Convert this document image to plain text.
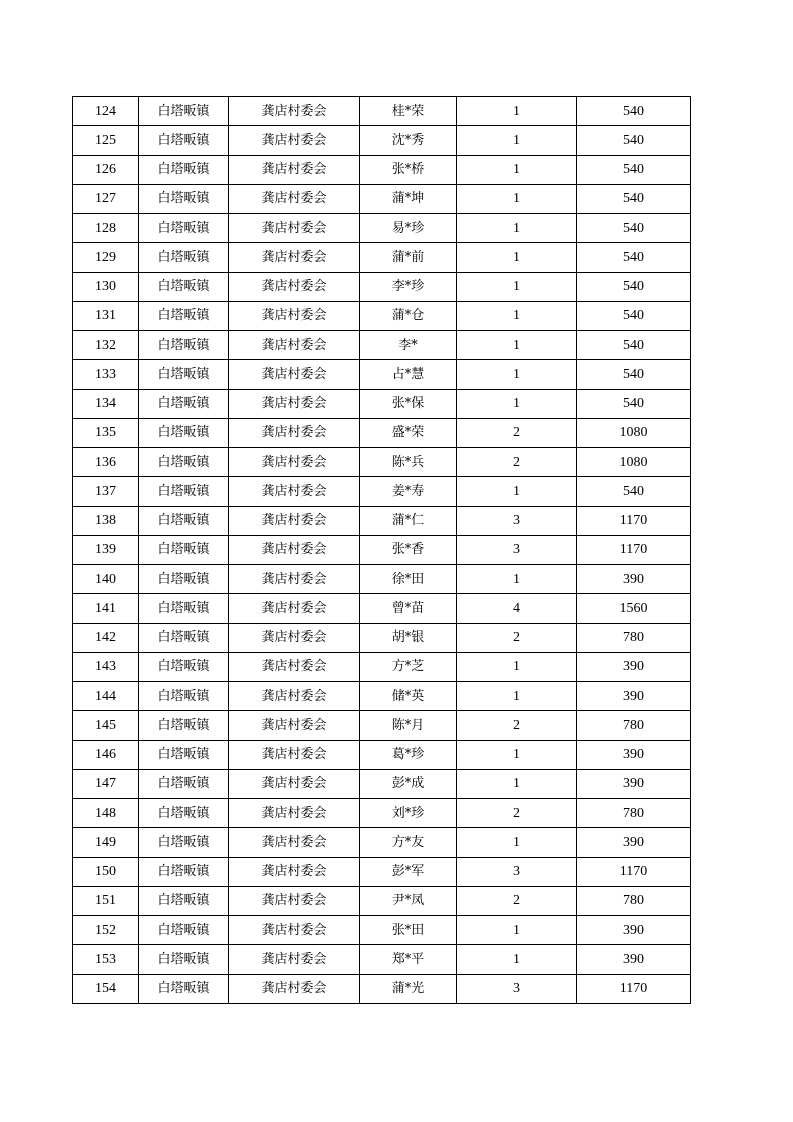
124	白塔畈镇	龚店村委会	桂*荣	1	540
125	白塔畈镇	龚店村委会	沈*秀	1	540
126	白塔畈镇	龚店村委会	张*桥	1	540
127	白塔畈镇	龚店村委会	蒲*坤	1	540
128	白塔畈镇	龚店村委会	易*珍	1	540
129	白塔畈镇	龚店村委会	蒲*前	1	540
130	白塔畈镇	龚店村委会	李*珍	1	540
131	白塔畈镇	龚店村委会	蒲*仓	1	540
132	白塔畈镇	龚店村委会	李*	1	540
133	白塔畈镇	龚店村委会	占*慧	1	540
134	白塔畈镇	龚店村委会	张*保	1	540
135	白塔畈镇	龚店村委会	盛*荣	2	1080
136	白塔畈镇	龚店村委会	陈*兵	2	1080
137	白塔畈镇	龚店村委会	姜*寿	1	540
138	白塔畈镇	龚店村委会	蒲*仁	3	1170
139	白塔畈镇	龚店村委会	张*香	3	1170
140	白塔畈镇	龚店村委会	徐*田	1	390
141	白塔畈镇	龚店村委会	曾*苗	4	1560
142	白塔畈镇	龚店村委会	胡*银	2	780
143	白塔畈镇	龚店村委会	方*芝	1	390
144	白塔畈镇	龚店村委会	储*英	1	390
145	白塔畈镇	龚店村委会	陈*月	2	780
146	白塔畈镇	龚店村委会	葛*珍	1	390
147	白塔畈镇	龚店村委会	彭*成	1	390
148	白塔畈镇	龚店村委会	刘*珍	2	780
149	白塔畈镇	龚店村委会	方*友	1	390
150	白塔畈镇	龚店村委会	彭*军	3	1170
151	白塔畈镇	龚店村委会	尹*凤	2	780
152	白塔畈镇	龚店村委会	张*田	1	390
153	白塔畈镇	龚店村委会	郑*平	1	390
154	白塔畈镇	龚店村委会	蒲*光	3	1170
